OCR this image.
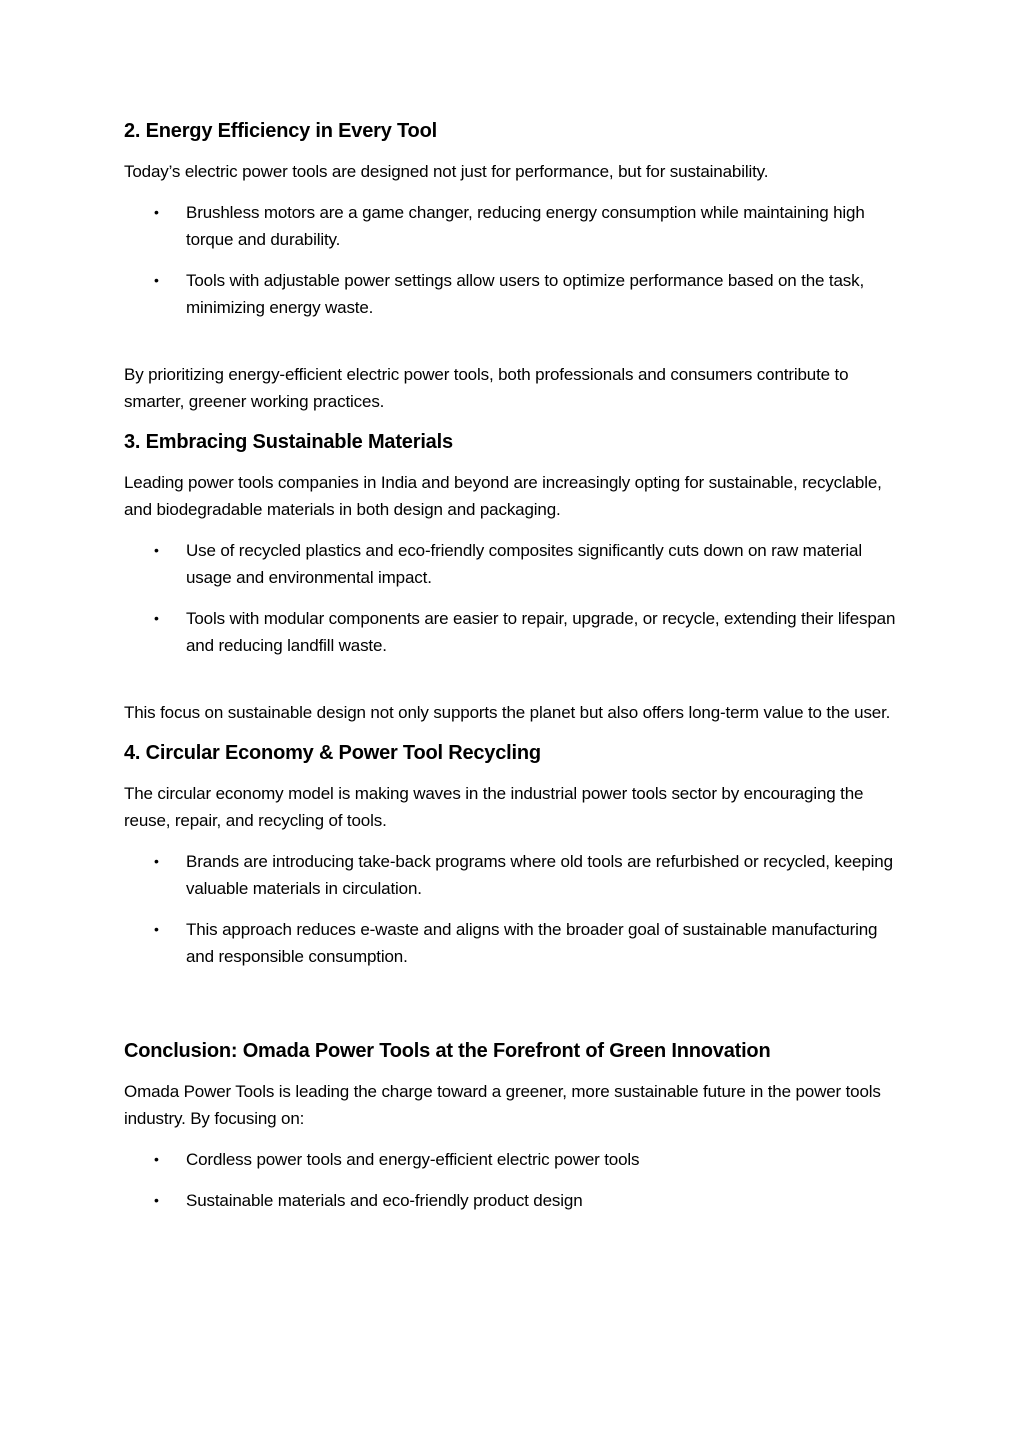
2. Energy Efficiency in Every Tool

Today’s electric power tools are designed not just for performance, but for sustainability.

• Brushless motors are a game changer, reducing energy consumption while maintaining high torque and durability.
• Tools with adjustable power settings allow users to optimize performance based on the task, minimizing energy waste.

By prioritizing energy-efficient electric power tools, both professionals and consumers contribute to smarter, greener working practices.

3. Embracing Sustainable Materials

Leading power tools companies in India and beyond are increasingly opting for sustainable, recyclable, and biodegradable materials in both design and packaging.

• Use of recycled plastics and eco-friendly composites significantly cuts down on raw material usage and environmental impact.
• Tools with modular components are easier to repair, upgrade, or recycle, extending their lifespan and reducing landfill waste.

This focus on sustainable design not only supports the planet but also offers long-term value to the user.

4. Circular Economy & Power Tool Recycling

The circular economy model is making waves in the industrial power tools sector by encouraging the reuse, repair, and recycling of tools.

• Brands are introducing take-back programs where old tools are refurbished or recycled, keeping valuable materials in circulation.
• This approach reduces e-waste and aligns with the broader goal of sustainable manufacturing and responsible consumption.
Conclusion: Omada Power Tools at the Forefront of Green Innovation

Omada Power Tools is leading the charge toward a greener, more sustainable future in the power tools industry. By focusing on:

• Cordless power tools and energy-efficient electric power tools
• Sustainable materials and eco-friendly product design
